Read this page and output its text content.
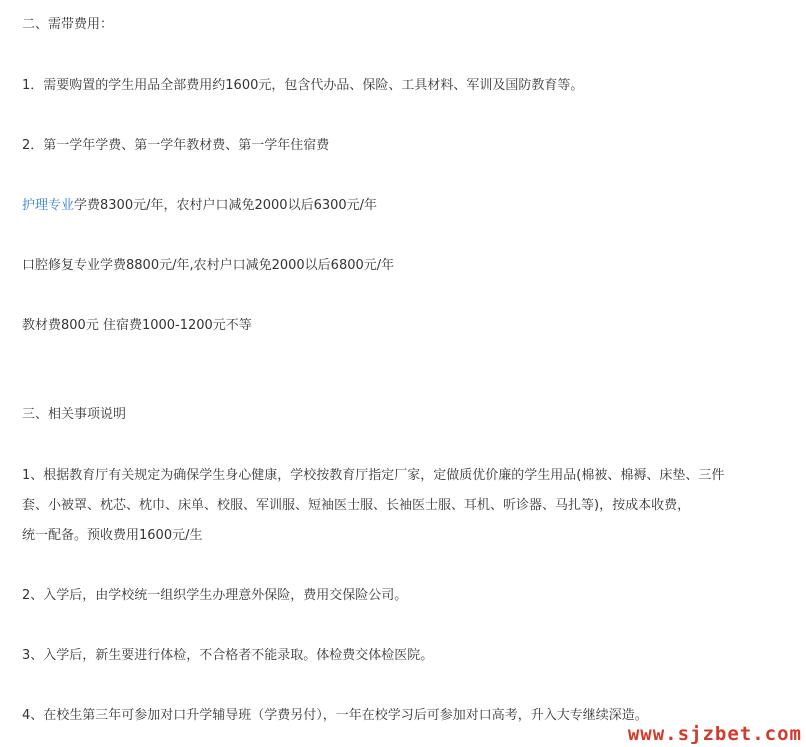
二、需带费用：

1．需要购置的学生用品全部费用约1600元，包含代办品、保险、工具材料、军训及国防教育等。

2．第一学年学费、第一学年教材费、第一学年住宿费

护理专业学费8300元/年，农村户口减免2000以后6300元/年

口腔修复专业学费8800元/年,农村户口减免2000以后6800元/年

教材费800元 住宿费1000-1200元不等

三、相关事项说明

1、根据教育厅有关规定为确保学生身心健康，学校按教育厅指定厂家，定做质优价廉的学生用品(棉被、棉褥、床垫、三件

套、小被罩、枕芯、枕巾、床单、校服、军训服、短袖医士服、长袖医士服、耳机、听诊器、马扎等)，按成本收费，

统一配备。预收费用1600元/生

2、入学后，由学校统一组织学生办理意外保险，费用交保险公司。

3、入学后，新生要进行体检，不合格者不能录取。体检费交体检医院。

4、在校生第三年可参加对口升学辅导班（学费另付），一年在校学习后可参加对口高考，升入大专继续深造。

www.sjzbet.com
